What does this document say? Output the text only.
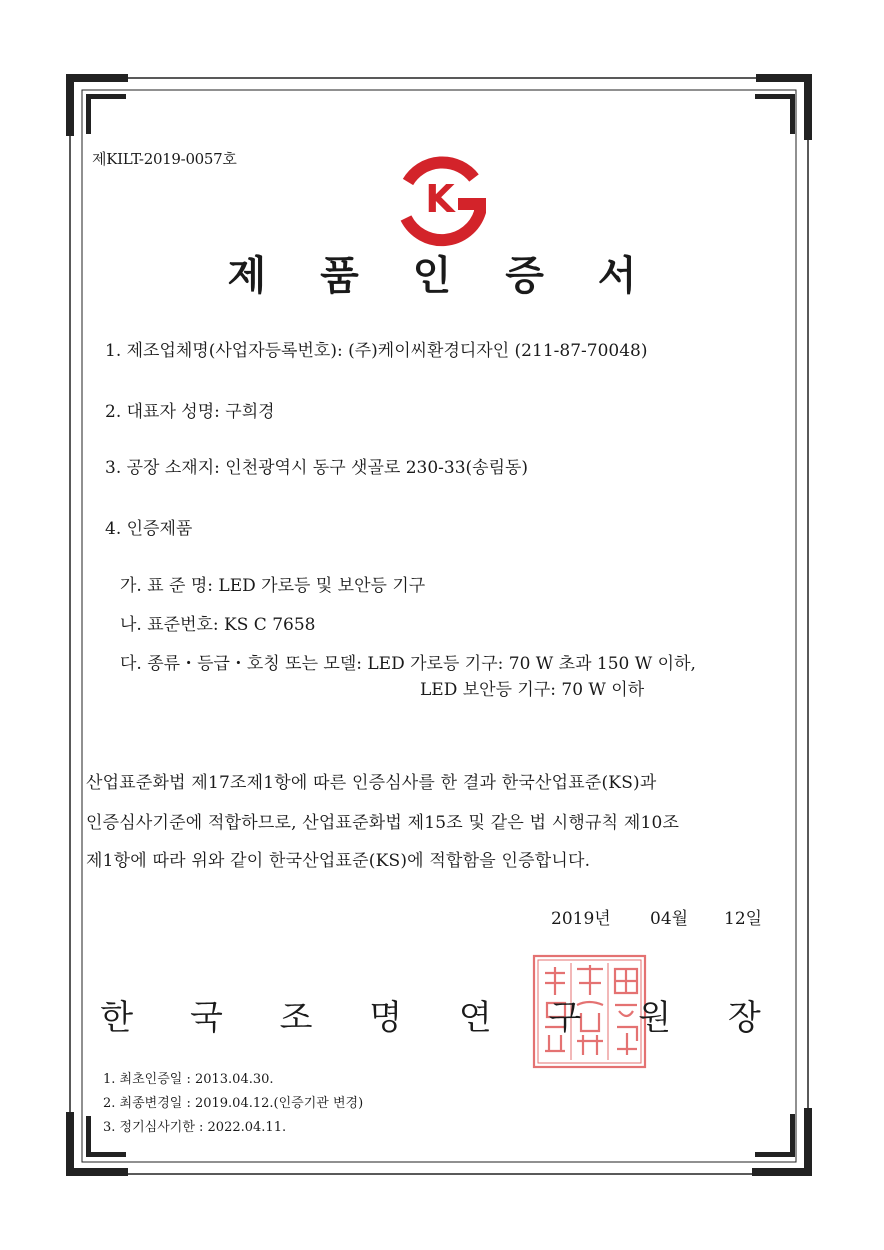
제KILT-2019-0057호
K
제 품 인 증 서
1. 제조업체명(사업자등록번호): (주)케이씨환경디자인 (211-87-70048)
2. 대표자 성명: 구희경
3. 공장 소재지: 인천광역시 동구 샛골로 230-33(송림동)
4. 인증제품
가. 표 준 명: LED 가로등 및 보안등 기구
나. 표준번호: KS C 7658
다. 종류・등급・호칭 또는 모델: LED 가로등 기구: 70 W 초과 150 W 이하,
LED 보안등 기구: 70 W 이하
산업표준화법 제17조제1항에 따른 인증심사를 한 결과 한국산업표준(KS)과
인증심사기준에 적합하므로, 산업표준화법 제15조 및 같은 법 시행규칙 제10조
제1항에 따라 위와 같이 한국산업표준(KS)에 적합함을 인증합니다.
2019년 04월 12일
한 국 조 명 연 구 원 장
1. 최초인증일 : 2013.04.30.
2. 최종변경일 : 2019.04.12.(인증기관 변경)
3. 정기심사기한 : 2022.04.11.
